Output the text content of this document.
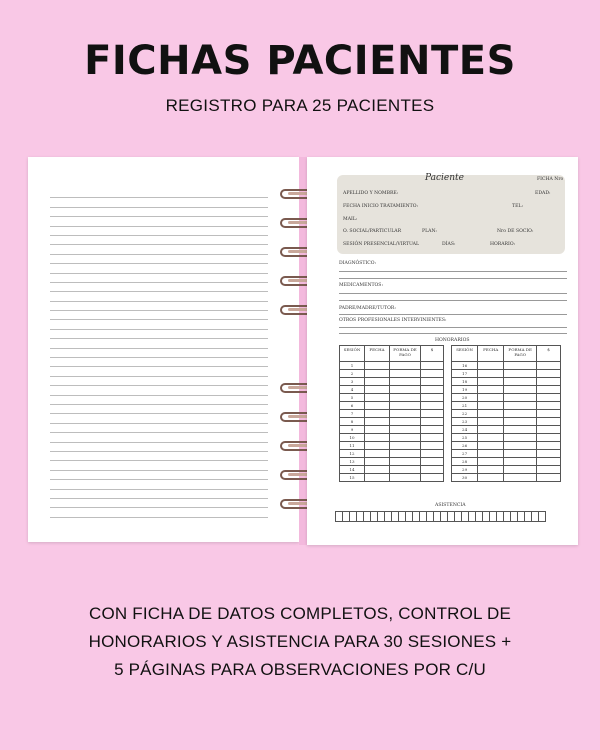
FICHAS PACIENTES
REGISTRO PARA 25 PACIENTES
Paciente	FICHA Nro
APELLIDO Y NOMBRE:	EDAD:
FECHA INICIO TRATAMIENTO:	TEL:
MAIL:
O. SOCIAL/PARTICULAR	PLAN:	Nro DE SOCIO:
SESIÓN PRESENCIAL/VIRTUAL	DÍAS:	HORARIO:
DIAGNÓSTICO:
MEDICAMENTOS:
PADRE/MADRE/TUTOR:
OTROS PROFESIONALES INTERVINIENTES:
HONORARIOS
SESIÓN	FECHA	FORMA DE PAGO	$
1			
2			
3			
4			
5			
6			
7			
8			
9			
10			
11			
12			
13			
14			
15			
SESIÓN	FECHA	FORMA DE PAGO	$
16			
17			
18			
19			
20			
21			
22			
23			
24			
25			
26			
27			
28			
29			
30			
ASISTENCIA

CON FICHA DE DATOS COMPLETOS, CONTROL DE
HONORARIOS Y ASISTENCIA PARA 30 SESIONES +
5 PÁGINAS PARA OBSERVACIONES POR C/U
